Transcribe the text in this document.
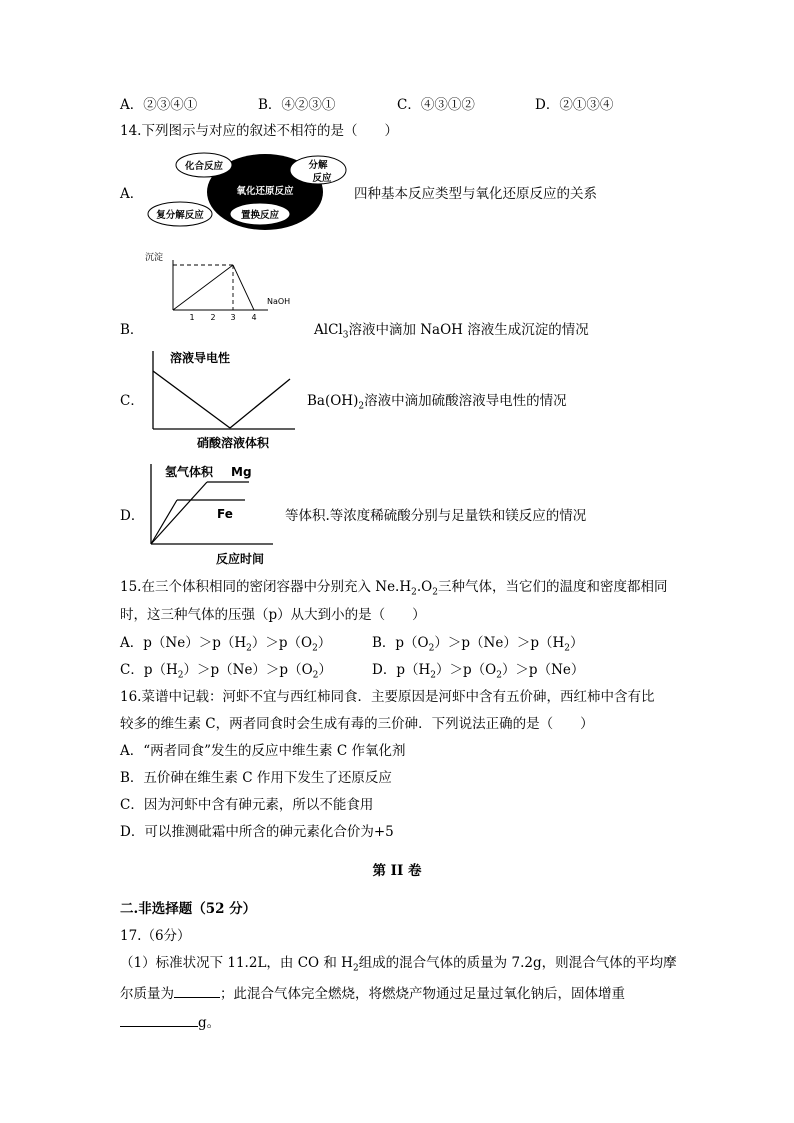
A．②③④①	B．④②③①	C．④③①②	D．②①③④
14.下列图示与对应的叙述不相符的是（　　）
A．
化合反应	分解
反应
氧化还原反应
复分解反应	置换反应
四种基本反应类型与氧化还原反应的关系
沉淀
NaOH
1 2 3 4
B．	AlCl$_3$溶液中滴加 NaOH 溶液生成沉淀的情况
溶液导电性
硝酸溶液体积
C．	$Ba(OH)_2$溶液中滴加硫酸溶液导电性的情况
氢气体积 Mg
Fe
反应时间
D．	等体积.等浓度稀硫酸分别与足量铁和镁反应的情况
15.在三个体积相同的密闭容器中分别充入 $Ne.H_2.O_2$三种气体，当它们的温度和密度都相同
时，这三种气体的压强（p）从大到小的是（　　）
A．$p(Ne)>p(H_2)>p(O_2)$	B．$p(O_2)>p(Ne)>p(H_2)$
C．$p(H_2)>p(Ne)>p(O_2)$	D．$p(H_2)>p(O_2)>p(Ne)$
16.菜谱中记载：河虾不宜与西红柿同食．主要原因是河虾中含有五价砷，西红柿中含有比
较多的维生素 C，两者同食时会生成有毒的三价砷．下列说法正确的是（　　）
A．“两者同食”发生的反应中维生素 C 作氧化剂
B．五价砷在维生素 C 作用下发生了还原反应
C．因为河虾中含有砷元素，所以不能食用
D．可以推测砒霜中所含的砷元素化合价为+5
第 II 卷
二.非选择题（52 分）
17.（6分）
（1）标准状况下 11.2L，由 CO 和 $H_2$组成的混合气体的质量为 7.2g，则混合气体的平均摩
尔质量为	；此混合气体完全燃烧，将燃烧产物通过足量过氧化钠后，固体增重
g。
